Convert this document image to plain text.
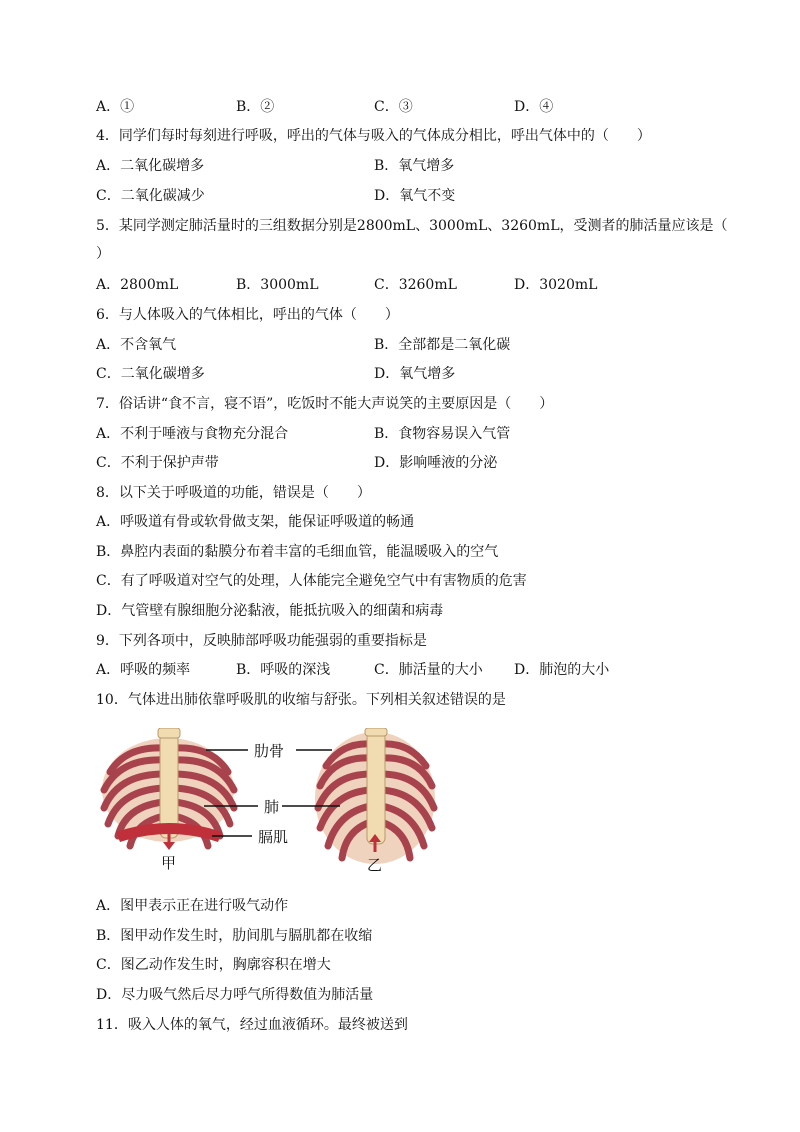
A．①	B．②	C．③	D．④
4．同学们每时每刻进行呼吸，呼出的气体与吸入的气体成分相比，呼出气体中的（　　）
A．二氧化碳增多	B．氧气增多
C．二氧化碳减少	D．氧气不变
5．某同学测定肺活量时的三组数据分别是2800mL、3000mL、3260mL，受测者的肺活量应该是（
）
A．2800mL	B．3000mL	C．3260mL	D．3020mL
6．与人体吸入的气体相比，呼出的气体（　　）
A．不含氧气	B．全部都是二氧化碳
C．二氧化碳增多	D．氧气增多
7．俗话讲“食不言，寝不语”，吃饭时不能大声说笑的主要原因是（　　）
A．不利于唾液与食物充分混合	B．食物容易误入气管
C．不利于保护声带	D．影响唾液的分泌
8．以下关于呼吸道的功能，错误是（　　）
A．呼吸道有骨或软骨做支架，能保证呼吸道的畅通
B．鼻腔内表面的黏膜分布着丰富的毛细血管，能温暖吸入的空气
C．有了呼吸道对空气的处理，人体能完全避免空气中有害物质的危害
D．气管壁有腺细胞分泌黏液，能抵抗吸入的细菌和病毒
9．下列各项中，反映肺部呼吸功能强弱的重要指标是
A．呼吸的频率	B．呼吸的深浅	C．肺活量的大小 D．肺泡的大小
10．气体进出肺依靠呼吸肌的收缩与舒张。下列相关叙述错误的是
肋骨
肺
膈肌
甲	乙
A．图甲表示正在进行吸气动作
B．图甲动作发生时，肋间肌与膈肌都在收缩
C．图乙动作发生时，胸廓容积在增大
D．尽力吸气然后尽力呼气所得数值为肺活量
11．吸入人体的氧气，经过血液循环。最终被送到
